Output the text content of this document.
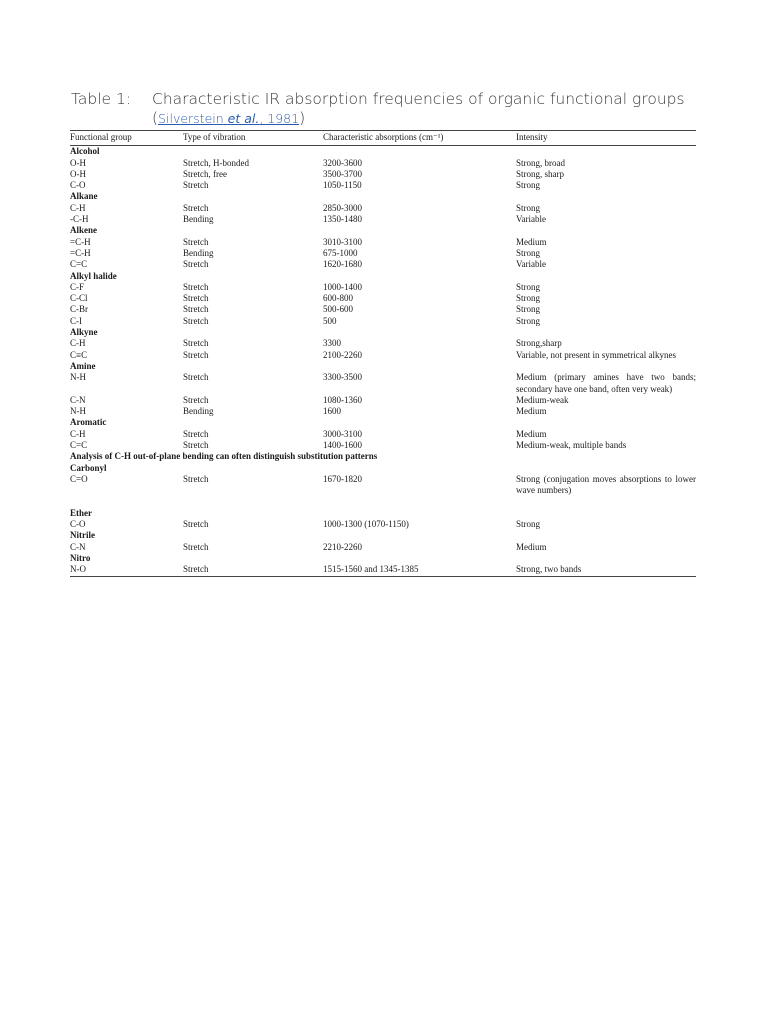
Table 1: Characteristic IR absorption frequencies of organic functional groups
(Silverstein et al., 1981)
Functional group	Type of vibration	Characteristic absorptions (cm⁻¹)	Intensity
Alcohol			
O-H	Stretch, H-bonded	3200-3600	Strong, broad
O-H	Stretch, free	3500-3700	Strong, sharp
C-O	Stretch	1050-1150	Strong
Alkane			
C-H	Stretch	2850-3000	Strong
-C-H	Bending	1350-1480	Variable
Alkene			
=C-H	Stretch	3010-3100	Medium
=C-H	Bending	675-1000	Strong
C=C	Stretch	1620-1680	Variable
Alkyl halide			
C-F	Stretch	1000-1400	Strong
C-Cl	Stretch	600-800	Strong
C-Br	Stretch	500-600	Strong
C-I	Stretch	500	Strong
Alkyne			
C-H	Stretch	3300	Strong,sharp
C≡C	Stretch	2100-2260	Variable, not present in symmetrical alkynes
Amine			
N-H	Stretch	3300-3500	Medium (primary amines have two bands; secondary have one band, often very weak)
C-N	Stretch	1080-1360	Medium-weak
N-H	Bending	1600	Medium
Aromatic			
C-H	Stretch	3000-3100	Medium
C=C	Stretch	1400-1600	Medium-weak, multiple bands
Analysis of C-H out-of-plane bending can often distinguish substitution patterns			
Carbonyl			
C=O	Stretch	1670-1820	Strong (conjugation moves absorptions to lower wave numbers)

Ether			
C-O	Stretch	1000-1300 (1070-1150)	Strong
Nitrile			
C-N	Stretch	2210-2260	Medium
Nitro			
N-O	Stretch	1515-1560 and 1345-1385	Strong, two bands
